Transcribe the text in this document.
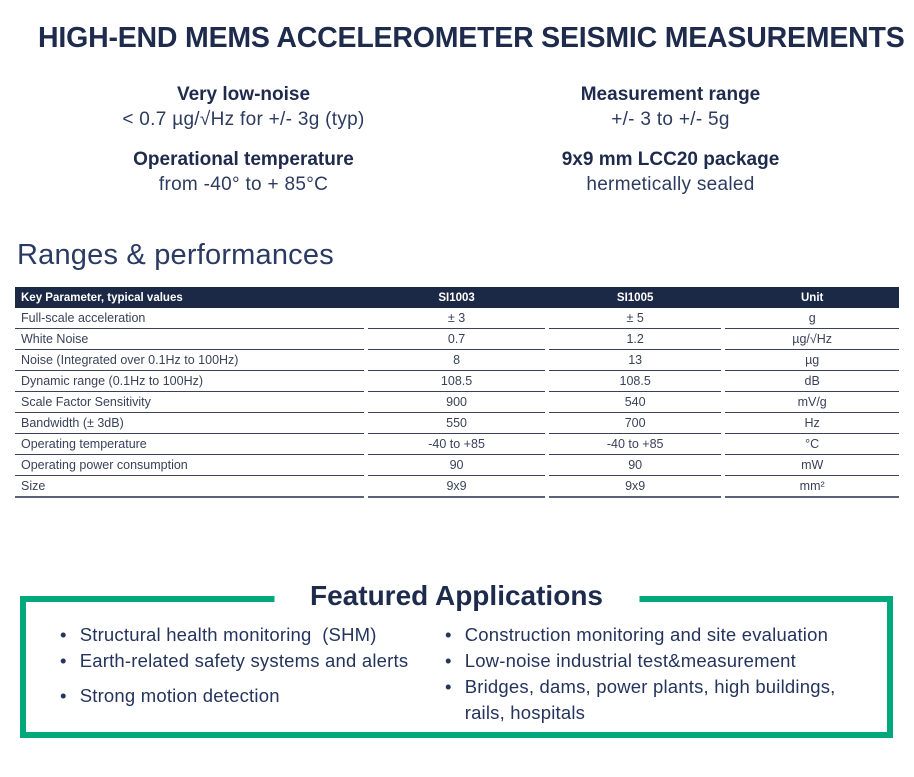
HIGH-END MEMS ACCELEROMETER SEISMIC MEASUREMENTS
Very low-noise
< 0.7 µg/√Hz for +/- 3g (typ)
Measurement range
+/- 3 to +/- 5g
Operational temperature
from -40° to + 85°C
9x9 mm LCC20 package
hermetically sealed
Ranges & performances
Key Parameter, typical values	SI1003	SI1005	Unit
Full-scale acceleration	± 3	± 5	g
White Noise	0.7	1.2	µg/√Hz
Noise (Integrated over 0.1Hz to 100Hz)	8	13	µg
Dynamic range (0.1Hz to 100Hz)	108.5	108.5	dB
Scale Factor Sensitivity	900	540	mV/g
Bandwidth (± 3dB)	550	700	Hz
Operating temperature	-40 to +85	-40 to +85	°C
Operating power consumption	90	90	mW
Size	9x9	9x9	mm²
Featured Applications
• Structural health monitoring  (SHM)
• Earth-related safety systems and alerts
• Strong motion detection
• Construction monitoring and site evaluation
• Low-noise industrial test&measurement
• Bridges, dams, power plants, high buildings, rails, hospitals
